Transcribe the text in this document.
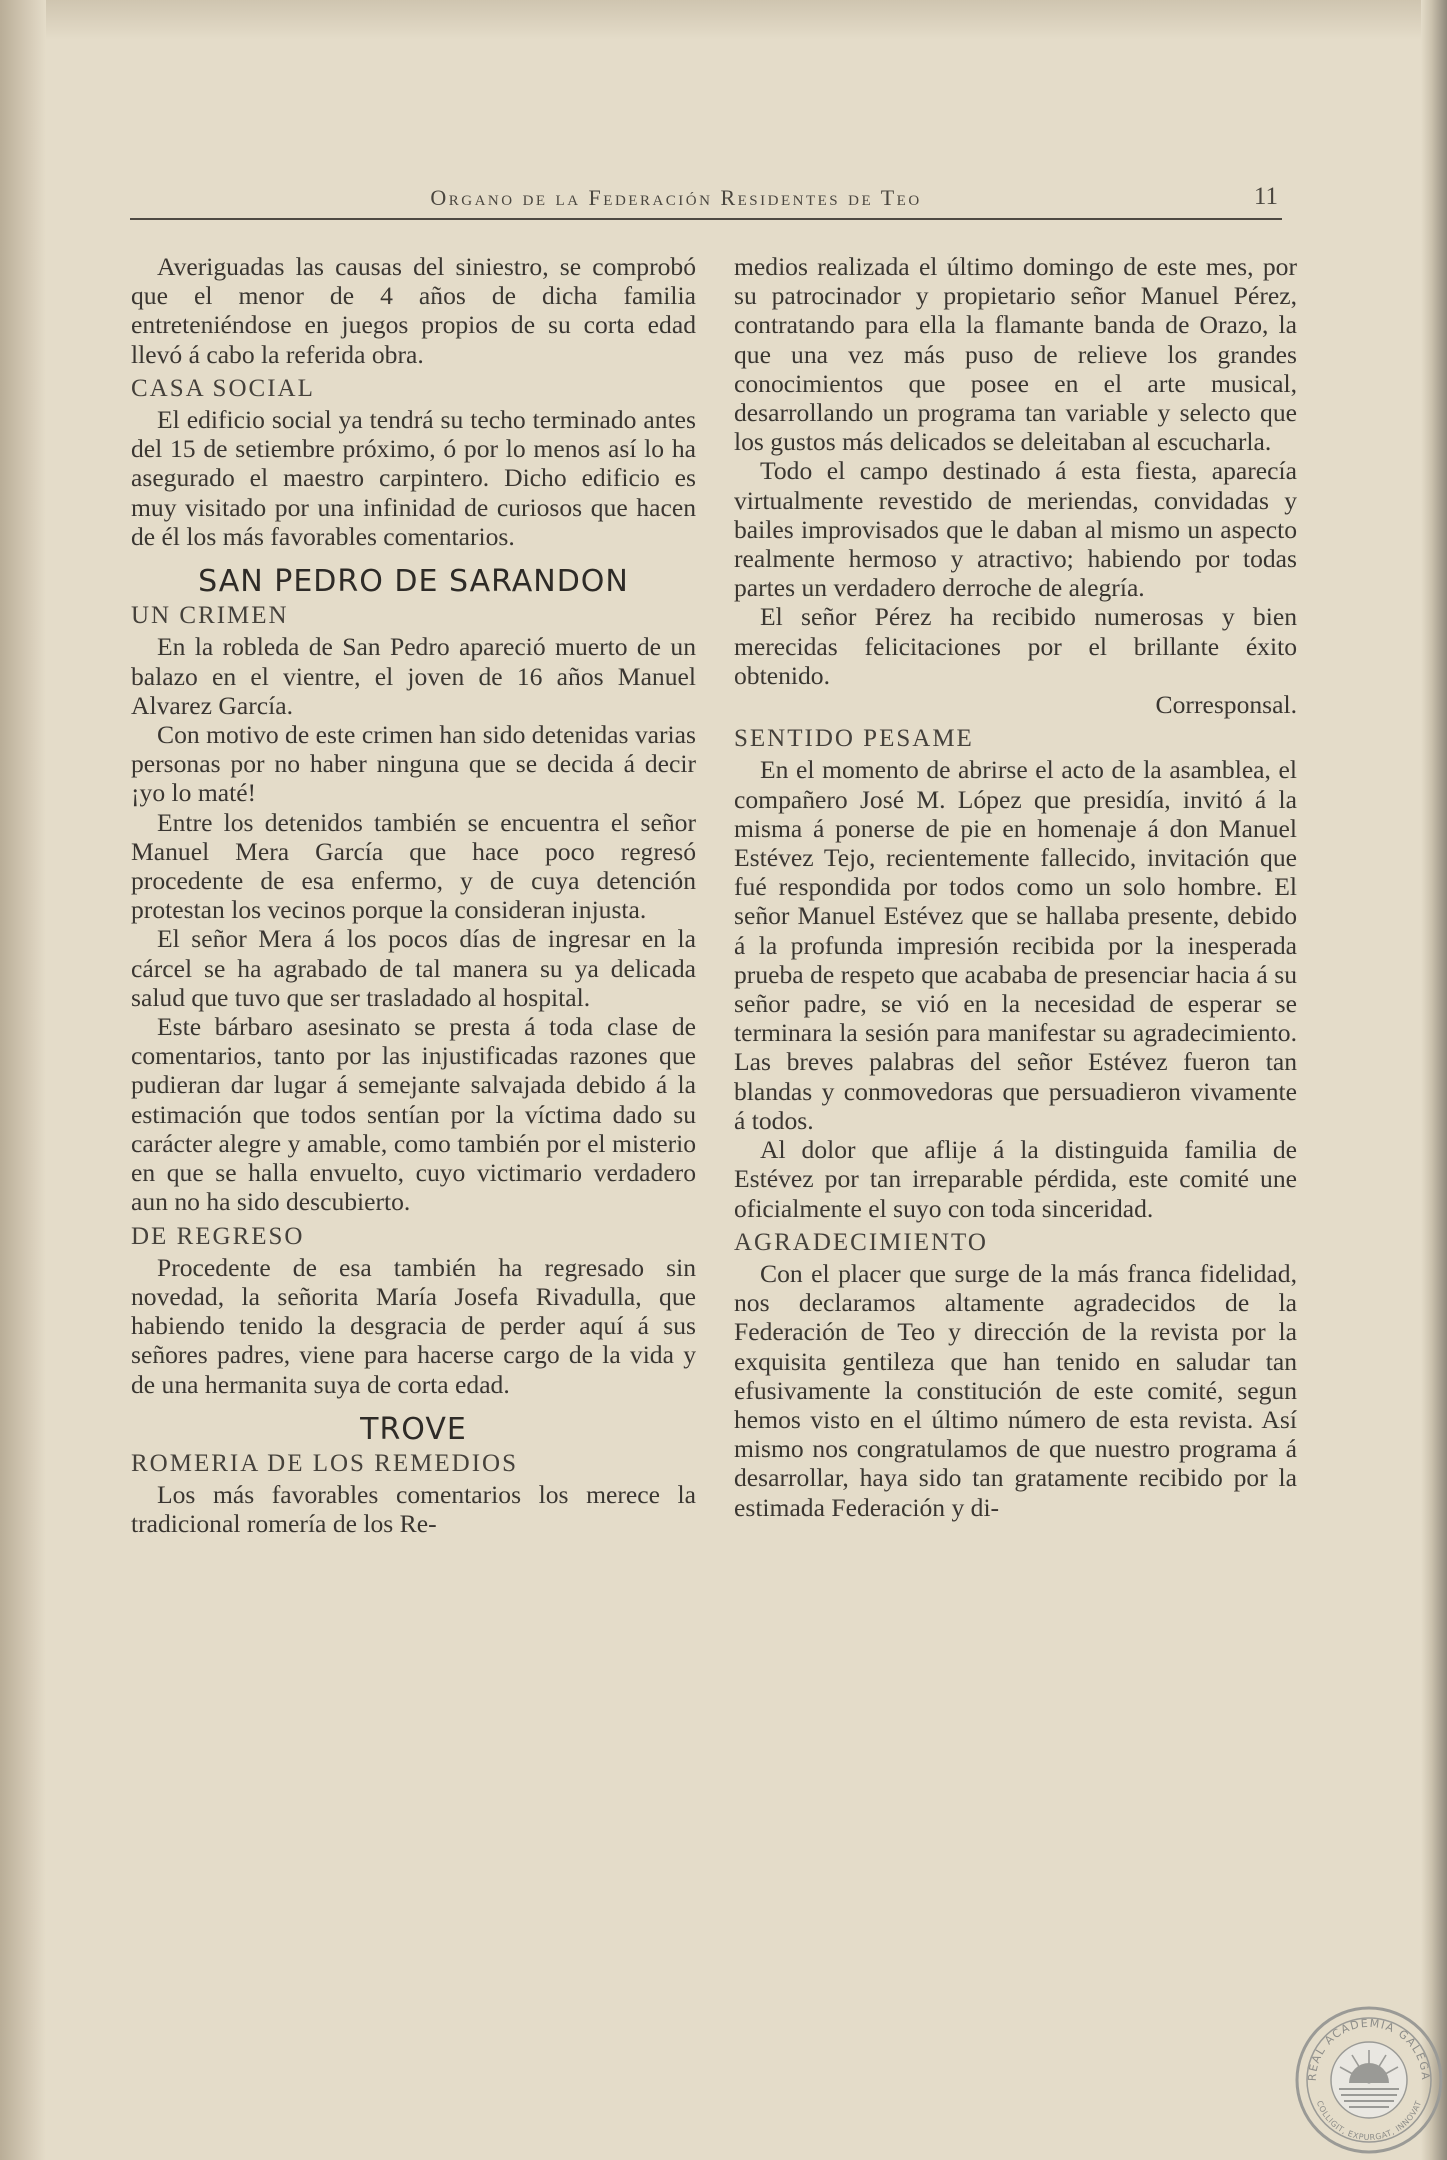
Organo de la Federación Residentes de Teo	11

Averiguadas las causas del siniestro, se comprobó que el menor de 4 años de dicha familia entreteniéndose en juegos propios de su corta edad llevó á cabo la referida obra.

CASA SOCIAL

El edificio social ya tendrá su techo terminado antes del 15 de setiembre próximo, ó por lo menos así lo ha asegurado el maestro carpintero. Dicho edificio es muy visitado por una infinidad de curiosos que hacen de él los más favorables comentarios.

SAN PEDRO DE SARANDON
UN CRIMEN

En la robleda de San Pedro apareció muerto de un balazo en el vientre, el joven de 16 años Manuel Alvarez García.

Con motivo de este crimen han sido detenidas varias personas por no haber ninguna que se decida á decir ¡yo lo maté!

Entre los detenidos también se encuentra el señor Manuel Mera García que hace poco regresó procedente de esa enfermo, y de cuya detención protestan los vecinos porque la consideran injusta.

El señor Mera á los pocos días de ingresar en la cárcel se ha agrabado de tal manera su ya delicada salud que tuvo que ser trasladado al hospital.

Este bárbaro asesinato se presta á toda clase de comentarios, tanto por las injustificadas razones que pudieran dar lugar á semejante salvajada debido á la estimación que todos sentían por la víctima dado su carácter alegre y amable, como también por el misterio en que se halla envuelto, cuyo victimario verdadero aun no ha sido descubierto.

DE REGRESO

Procedente de esa también ha regresado sin novedad, la señorita María Josefa Rivadulla, que habiendo tenido la desgracia de perder aquí á sus señores padres, viene para hacerse cargo de la vida y de una hermanita suya de corta edad.

TROVE
ROMERIA DE LOS REMEDIOS

Los más favorables comentarios los merece la tradicional romería de los Re-

medios realizada el último domingo de este mes, por su patrocinador y propietario señor Manuel Pérez, contratando para ella la flamante banda de Orazo, la que una vez más puso de relieve los grandes conocimientos que posee en el arte musical, desarrollando un programa tan variable y selecto que los gustos más delicados se deleitaban al escucharla.

Todo el campo destinado á esta fiesta, aparecía virtualmente revestido de meriendas, convidadas y bailes improvisados que le daban al mismo un aspecto realmente hermoso y atractivo; habiendo por todas partes un verdadero derroche de alegría.

El señor Pérez ha recibido numerosas y bien merecidas felicitaciones por el brillante éxito obtenido.

Corresponsal.

SENTIDO PESAME

En el momento de abrirse el acto de la asamblea, el compañero José M. López que presidía, invitó á la misma á ponerse de pie en homenaje á don Manuel Estévez Tejo, recientemente fallecido, invitación que fué respondida por todos como un solo hombre. El señor Manuel Estévez que se hallaba presente, debido á la profunda impresión recibida por la inesperada prueba de respeto que acababa de presenciar hacia á su señor padre, se vió en la necesidad de esperar se terminara la sesión para manifestar su agradecimiento. Las breves palabras del señor Estévez fueron tan blandas y conmovedoras que persuadieron vivamente á todos.

Al dolor que aflije á la distinguida familia de Estévez por tan irreparable pérdida, este comité une oficialmente el suyo con toda sinceridad.

AGRADECIMIENTO

Con el placer que surge de la más franca fidelidad, nos declaramos altamente agradecidos de la Federación de Teo y dirección de la revista por la exquisita gentileza que han tenido en saludar tan efusivamente la constitución de este comité, segun hemos visto en el último número de esta revista. Así mismo nos congratulamos de que nuestro programa á desarrollar, haya sido tan gratamente recibido por la estimada Federación y di-

REAL ACADEMIA GALEGA
COLLIGIT, EXPURGAT, INNOVAT
